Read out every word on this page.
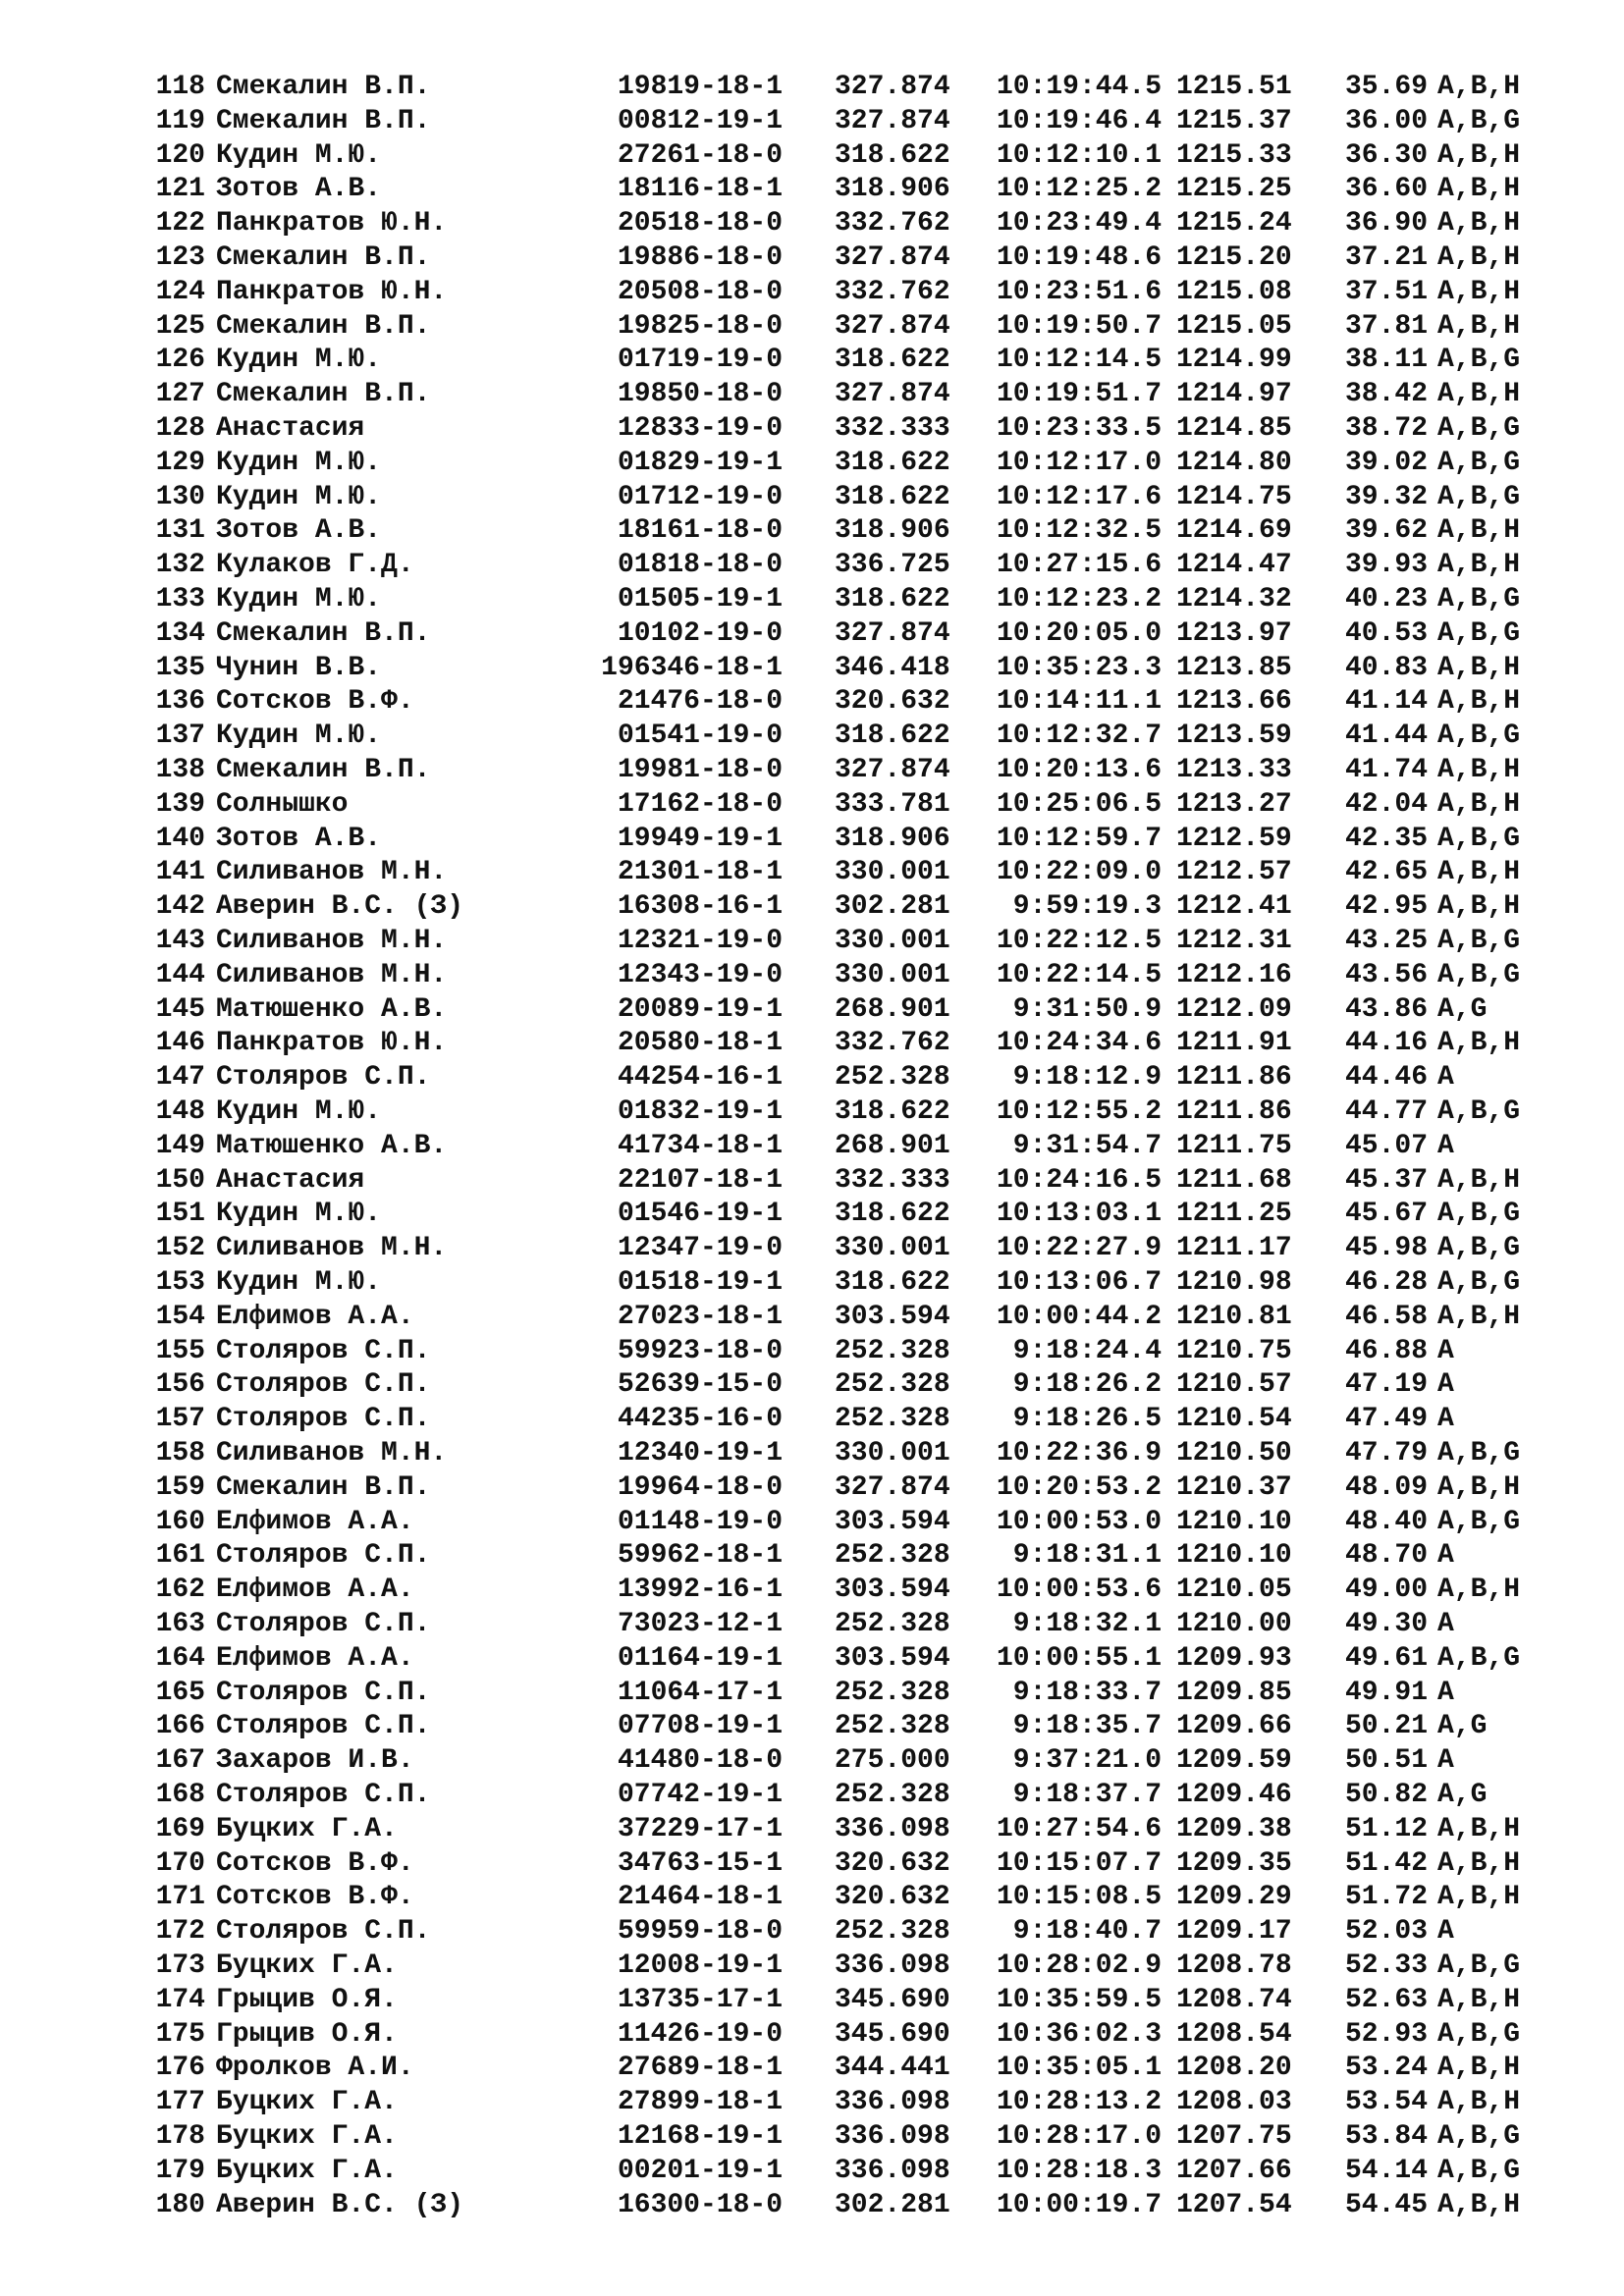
118 Смекалин В.П.	19819-18-1 327.874	10:19:44.5 1215.51 35.69 A,B,H
119 Смекалин В.П.	00812-19-1 327.874	10:19:46.4 1215.37 36.00 A,B,G
120 Кудин М.Ю.	27261-18-0 318.622	10:12:10.1 1215.33 36.30 A,B,H
121 Зотов А.В.	18116-18-1 318.906	10:12:25.2 1215.25 36.60 A,B,H
122 Панкратов Ю.Н.	20518-18-0 332.762	10:23:49.4 1215.24 36.90 A,B,H
123 Смекалин В.П.	19886-18-0 327.874	10:19:48.6 1215.20 37.21 A,B,H
124 Панкратов Ю.Н.	20508-18-0 332.762	10:23:51.6 1215.08 37.51 A,B,H
125 Смекалин В.П.	19825-18-0 327.874	10:19:50.7 1215.05 37.81 A,B,H
126 Кудин М.Ю.	01719-19-0 318.622	10:12:14.5 1214.99 38.11 A,B,G
127 Смекалин В.П.	19850-18-0 327.874	10:19:51.7 1214.97 38.42 A,B,H
128 Анастасия	12833-19-0 332.333	10:23:33.5 1214.85 38.72 A,B,G
129 Кудин М.Ю.	01829-19-1 318.622	10:12:17.0 1214.80 39.02 A,B,G
130 Кудин М.Ю.	01712-19-0 318.622	10:12:17.6 1214.75 39.32 A,B,G
131 Зотов А.В.	18161-18-0 318.906	10:12:32.5 1214.69 39.62 A,B,H
132 Кулаков Г.Д.	01818-18-0 336.725	10:27:15.6 1214.47 39.93 A,B,H
133 Кудин М.Ю.	01505-19-1 318.622	10:12:23.2 1214.32 40.23 A,B,G
134 Смекалин В.П.	10102-19-0 327.874	10:20:05.0 1213.97 40.53 A,B,G
135 Чунин В.В.	196346-18-1 346.418	10:35:23.3 1213.85 40.83 A,B,H
136 Сотсков В.Ф.	21476-18-0 320.632	10:14:11.1 1213.66 41.14 A,B,H
137 Кудин М.Ю.	01541-19-0 318.622	10:12:32.7 1213.59 41.44 A,B,G
138 Смекалин В.П.	19981-18-0 327.874	10:20:13.6 1213.33 41.74 A,B,H
139 Солнышко	17162-18-0 333.781	10:25:06.5 1213.27 42.04 A,B,H
140 Зотов А.В.	19949-19-1 318.906	10:12:59.7 1212.59 42.35 A,B,G
141 Силиванов М.Н.	21301-18-1 330.001	10:22:09.0 1212.57 42.65 A,B,H
142 Аверин В.С. (З)	16308-16-1 302.281	9:59:19.3 1212.41 42.95 A,B,H
143 Силиванов М.Н.	12321-19-0 330.001	10:22:12.5 1212.31 43.25 A,B,G
144 Силиванов М.Н.	12343-19-0 330.001	10:22:14.5 1212.16 43.56 A,B,G
145 Матюшенко А.В.	20089-19-1 268.901	9:31:50.9 1212.09 43.86 A,G
146 Панкратов Ю.Н.	20580-18-1 332.762	10:24:34.6 1211.91 44.16 A,B,H
147 Столяров С.П.	44254-16-1 252.328	9:18:12.9 1211.86 44.46 A
148 Кудин М.Ю.	01832-19-1 318.622	10:12:55.2 1211.86 44.77 A,B,G
149 Матюшенко А.В.	41734-18-1 268.901	9:31:54.7 1211.75 45.07 A
150 Анастасия	22107-18-1 332.333	10:24:16.5 1211.68 45.37 A,B,H
151 Кудин М.Ю.	01546-19-1 318.622	10:13:03.1 1211.25 45.67 A,B,G
152 Силиванов М.Н.	12347-19-0 330.001	10:22:27.9 1211.17 45.98 A,B,G
153 Кудин М.Ю.	01518-19-1 318.622	10:13:06.7 1210.98 46.28 A,B,G
154 Елфимов А.А.	27023-18-1 303.594	10:00:44.2 1210.81 46.58 A,B,H
155 Столяров С.П.	59923-18-0 252.328	9:18:24.4 1210.75 46.88 A
156 Столяров С.П.	52639-15-0 252.328	9:18:26.2 1210.57 47.19 A
157 Столяров С.П.	44235-16-0 252.328	9:18:26.5 1210.54 47.49 A
158 Силиванов М.Н.	12340-19-1 330.001	10:22:36.9 1210.50 47.79 A,B,G
159 Смекалин В.П.	19964-18-0 327.874	10:20:53.2 1210.37 48.09 A,B,H
160 Елфимов А.А.	01148-19-0 303.594	10:00:53.0 1210.10 48.40 A,B,G
161 Столяров С.П.	59962-18-1 252.328	9:18:31.1 1210.10 48.70 A
162 Елфимов А.А.	13992-16-1 303.594	10:00:53.6 1210.05 49.00 A,B,H
163 Столяров С.П.	73023-12-1 252.328	9:18:32.1 1210.00 49.30 A
164 Елфимов А.А.	01164-19-1 303.594	10:00:55.1 1209.93 49.61 A,B,G
165 Столяров С.П.	11064-17-1 252.328	9:18:33.7 1209.85 49.91 A
166 Столяров С.П.	07708-19-1 252.328	9:18:35.7 1209.66 50.21 A,G
167 Захаров И.В.	41480-18-0 275.000	9:37:21.0 1209.59 50.51 A
168 Столяров С.П.	07742-19-1 252.328	9:18:37.7 1209.46 50.82 A,G
169 Буцких Г.А.	37229-17-1 336.098	10:27:54.6 1209.38 51.12 A,B,H
170 Сотсков В.Ф.	34763-15-1 320.632	10:15:07.7 1209.35 51.42 A,B,H
171 Сотсков В.Ф.	21464-18-1 320.632	10:15:08.5 1209.29 51.72 A,B,H
172 Столяров С.П.	59959-18-0 252.328	9:18:40.7 1209.17 52.03 A
173 Буцких Г.А.	12008-19-1 336.098	10:28:02.9 1208.78 52.33 A,B,G
174 Грыцив О.Я.	13735-17-1 345.690	10:35:59.5 1208.74 52.63 A,B,H
175 Грыцив О.Я.	11426-19-0 345.690	10:36:02.3 1208.54 52.93 A,B,G
176 Фролков А.И.	27689-18-1 344.441	10:35:05.1 1208.20 53.24 A,B,H
177 Буцких Г.А.	27899-18-1 336.098	10:28:13.2 1208.03 53.54 A,B,H
178 Буцких Г.А.	12168-19-1 336.098	10:28:17.0 1207.75 53.84 A,B,G
179 Буцких Г.А.	00201-19-1 336.098	10:28:18.3 1207.66 54.14 A,B,G
180 Аверин В.С. (З)	16300-18-0 302.281	10:00:19.7 1207.54 54.45 A,B,H
